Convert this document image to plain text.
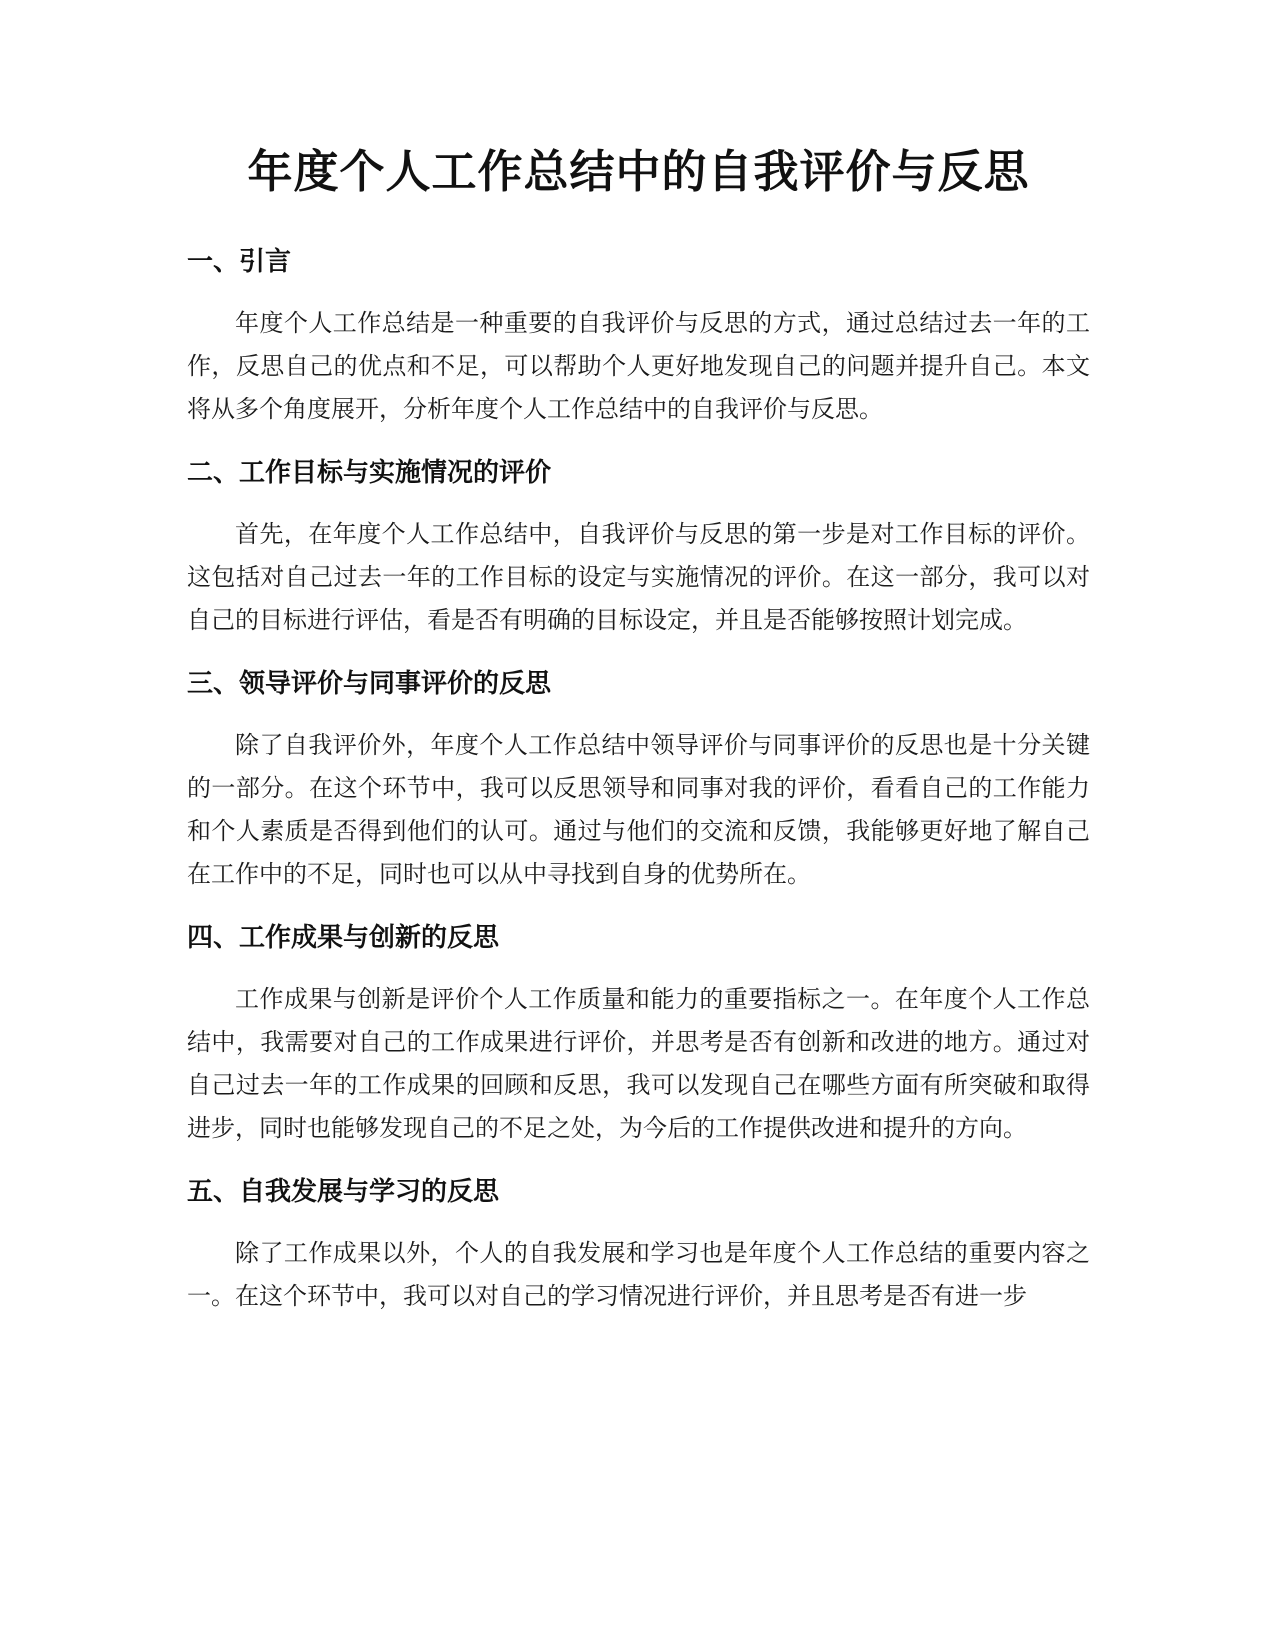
年度个人工作总结中的自我评价与反思
一、引言

年度个人工作总结是一种重要的自我评价与反思的方式，通过总结过去一年的工作，反思自己的优点和不足，可以帮助个人更好地发现自己的问题并提升自己。本文将从多个角度展开，分析年度个人工作总结中的自我评价与反思。

二、工作目标与实施情况的评价

首先，在年度个人工作总结中，自我评价与反思的第一步是对工作目标的评价。这包括对自己过去一年的工作目标的设定与实施情况的评价。在这一部分，我可以对自己的目标进行评估，看是否有明确的目标设定，并且是否能够按照计划完成。

三、领导评价与同事评价的反思

除了自我评价外，年度个人工作总结中领导评价与同事评价的反思也是十分关键的一部分。在这个环节中，我可以反思领导和同事对我的评价，看看自己的工作能力和个人素质是否得到他们的认可。通过与他们的交流和反馈，我能够更好地了解自己在工作中的不足，同时也可以从中寻找到自身的优势所在。

四、工作成果与创新的反思

工作成果与创新是评价个人工作质量和能力的重要指标之一。在年度个人工作总结中，我需要对自己的工作成果进行评价，并思考是否有创新和改进的地方。通过对自己过去一年的工作成果的回顾和反思，我可以发现自己在哪些方面有所突破和取得进步，同时也能够发现自己的不足之处，为今后的工作提供改进和提升的方向。

五、自我发展与学习的反思

除了工作成果以外，个人的自我发展和学习也是年度个人工作总结的重要内容之一。在这个环节中，我可以对自己的学习情况进行评价，并且思考是否有进一步
